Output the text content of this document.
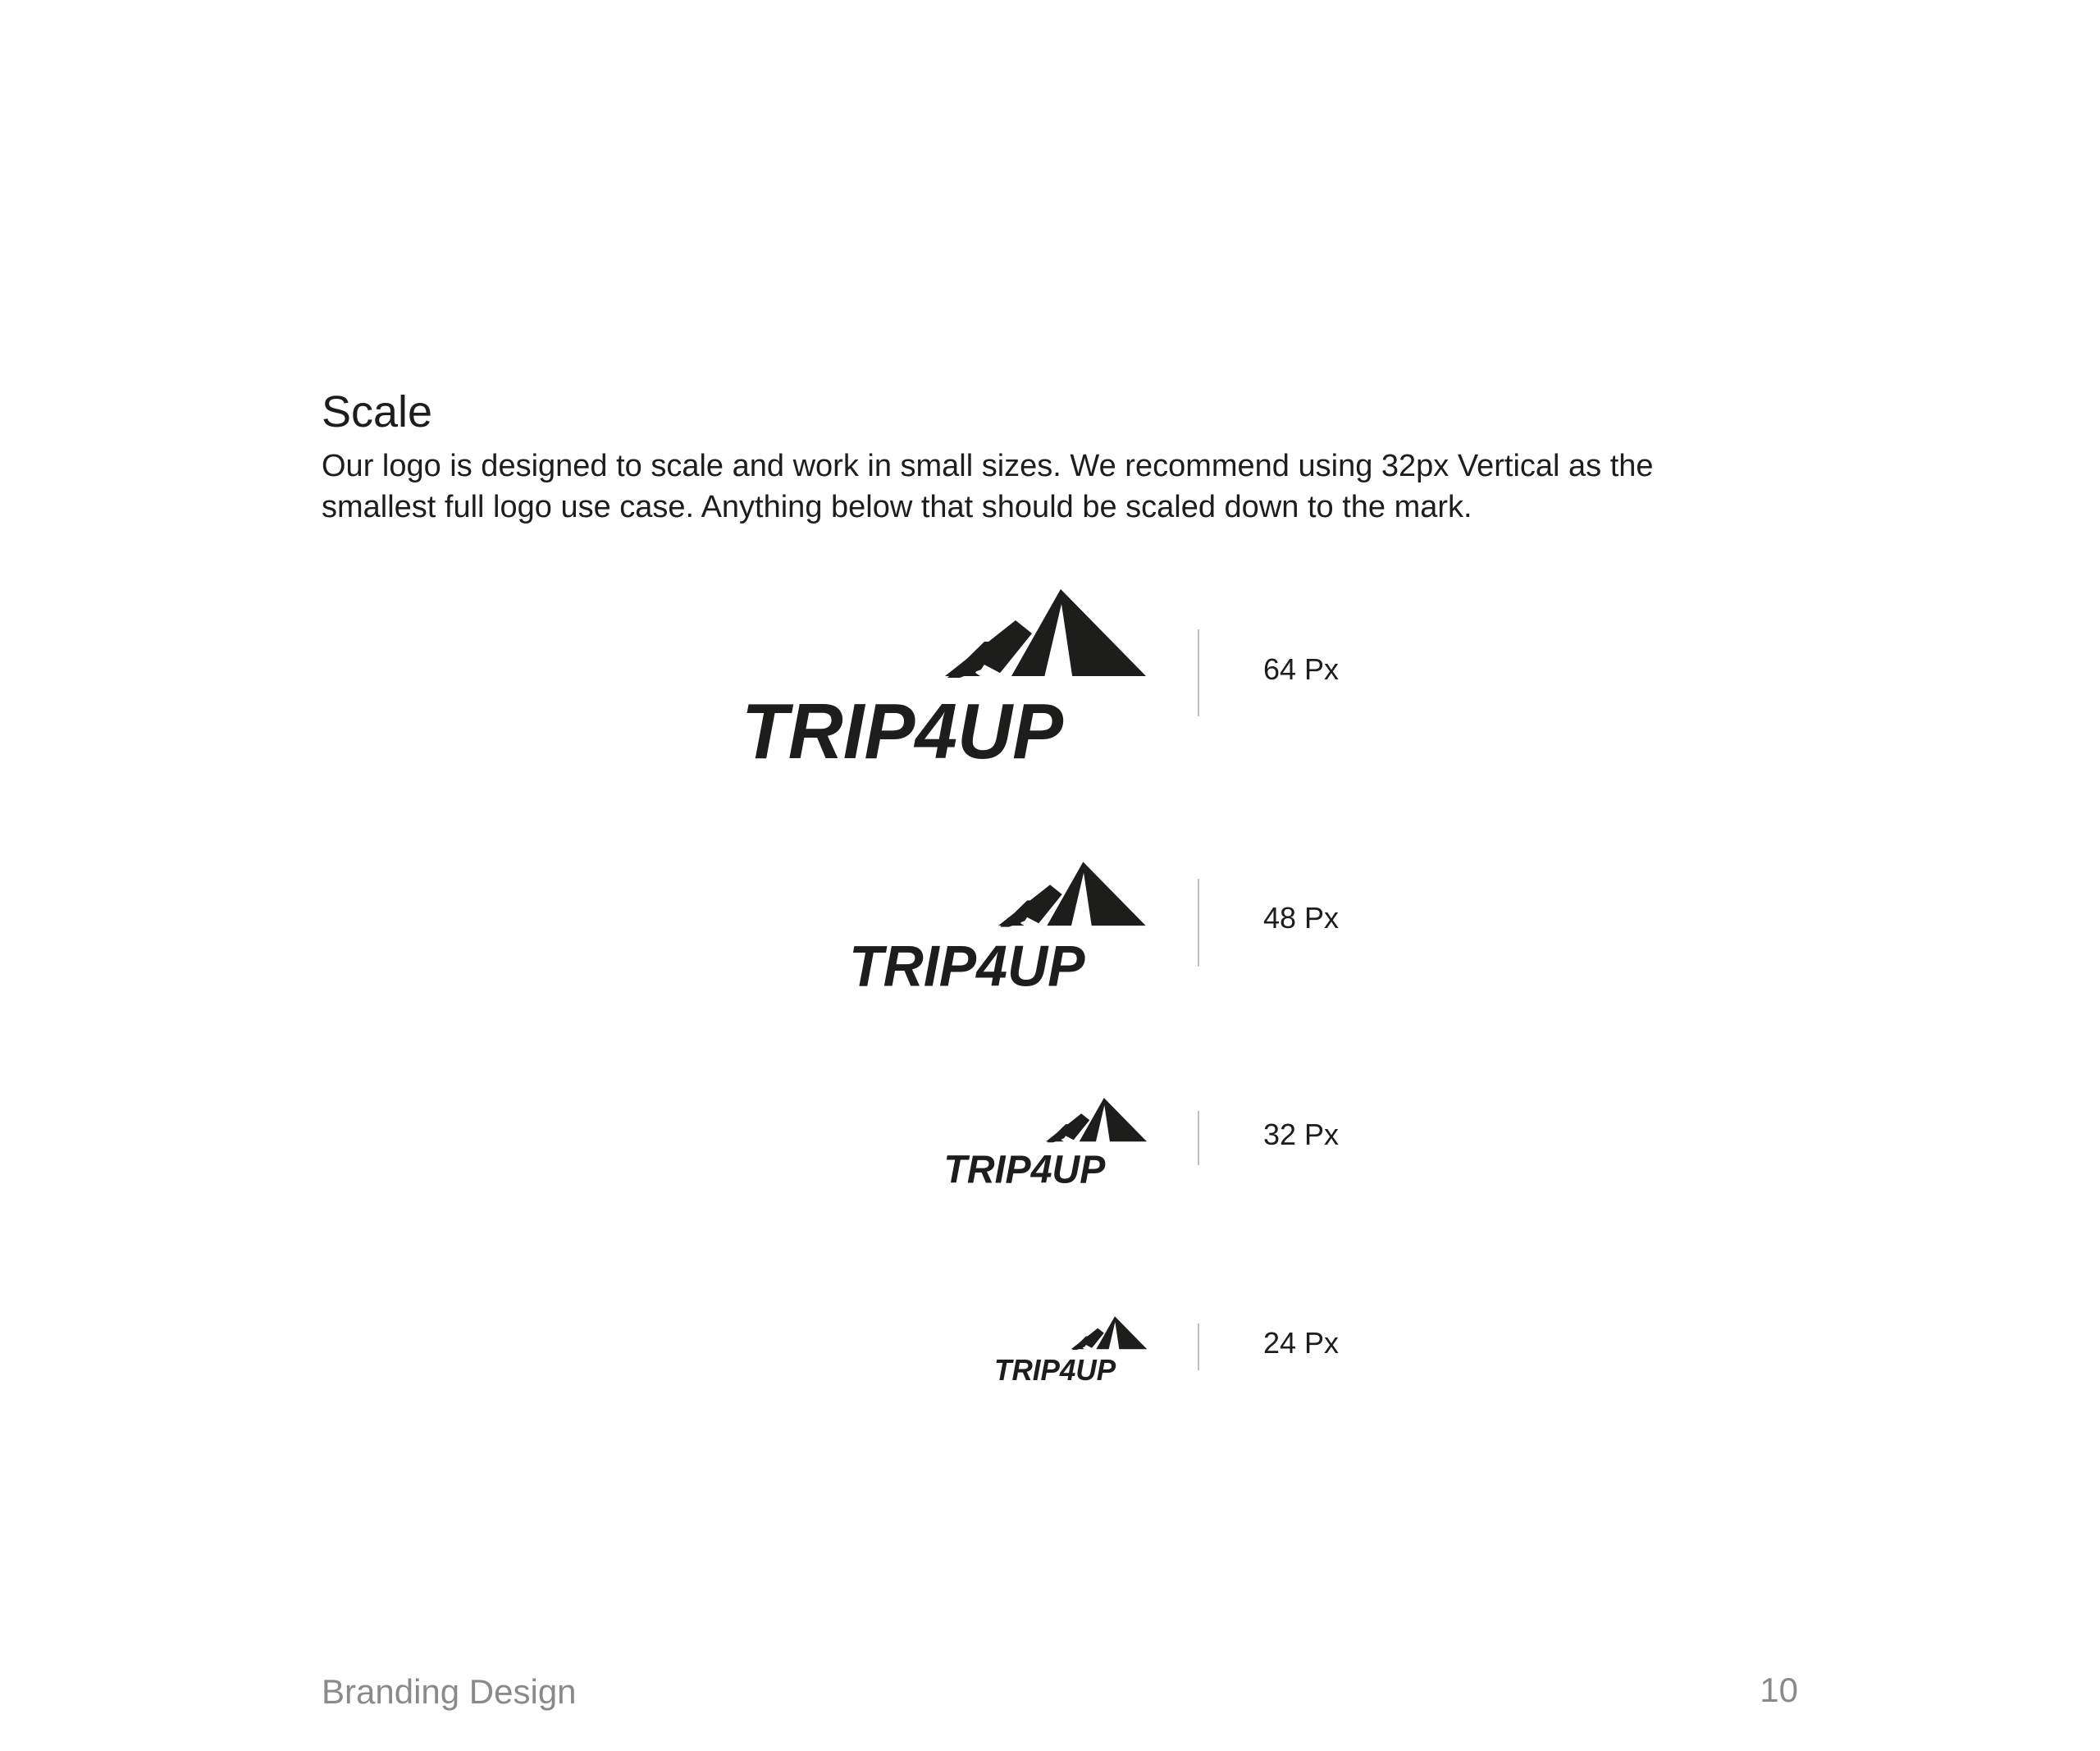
Scale

Our logo is designed to scale and work in small sizes. We recommend using 32px Vertical as the smallest full logo use case. Anything below that should be scaled down to the mark.

TRIP4UP
TRIP4UP
TRIP4UP
TRIP4UP
64 Px
48 Px
32 Px
24 Px
Branding Design	10
